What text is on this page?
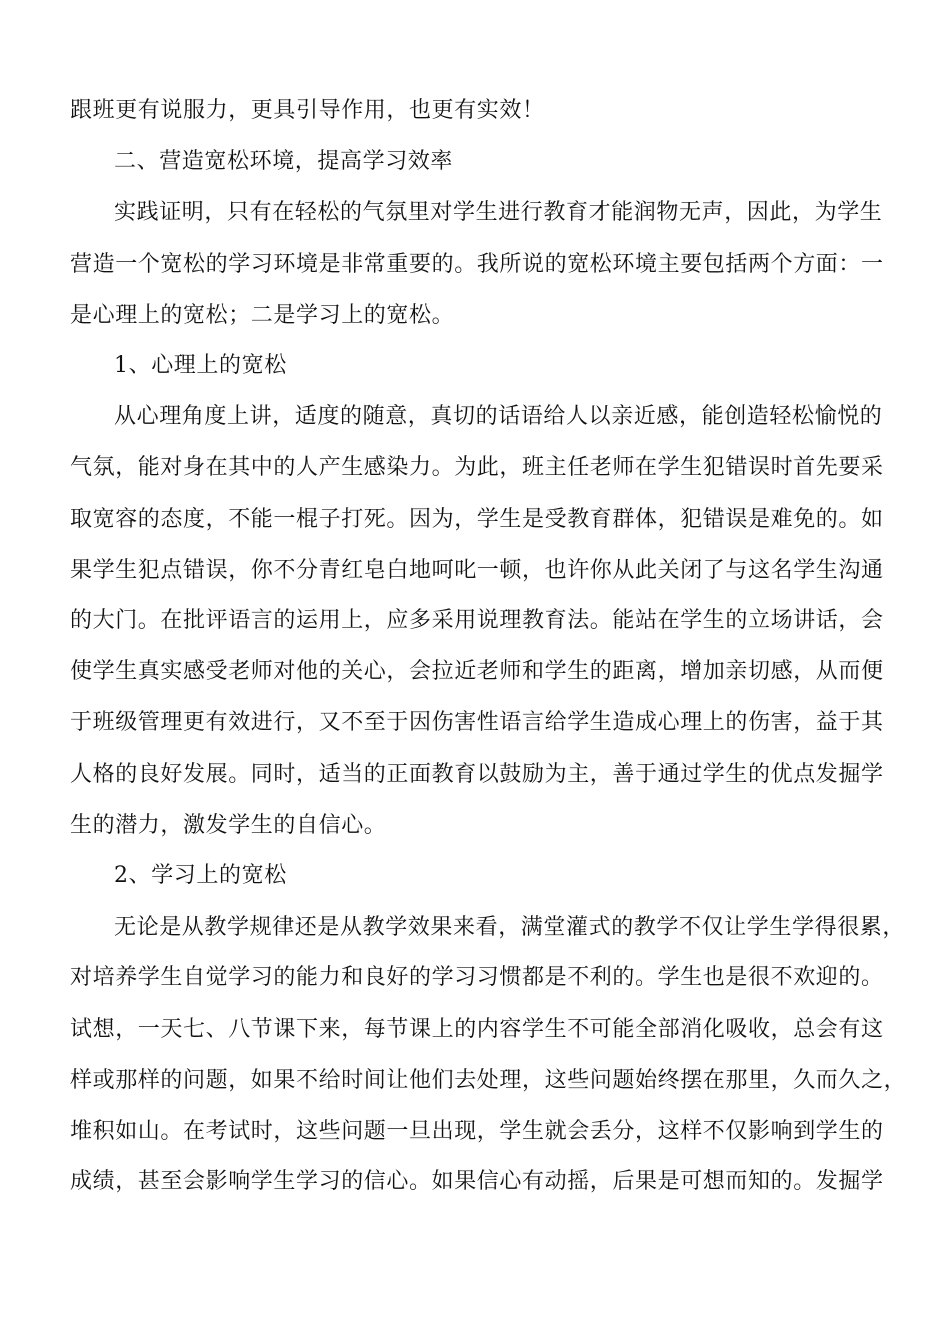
跟班更有说服力，更具引导作用，也更有实效！
二、营造宽松环境，提高学习效率
实践证明，只有在轻松的气氛里对学生进行教育才能润物无声，因此，为学生
营造一个宽松的学习环境是非常重要的。我所说的宽松环境主要包括两个方面：一
是心理上的宽松；二是学习上的宽松。
1、心理上的宽松
从心理角度上讲，适度的随意，真切的话语给人以亲近感，能创造轻松愉悦的
气氛，能对身在其中的人产生感染力。为此，班主任老师在学生犯错误时首先要采
取宽容的态度，不能一棍子打死。因为，学生是受教育群体，犯错误是难免的。如
果学生犯点错误，你不分青红皂白地呵叱一顿，也许你从此关闭了与这名学生沟通
的大门。在批评语言的运用上，应多采用说理教育法。能站在学生的立场讲话，会
使学生真实感受老师对他的关心，会拉近老师和学生的距离，增加亲切感，从而便
于班级管理更有效进行，又不至于因伤害性语言给学生造成心理上的伤害，益于其
人格的良好发展。同时，适当的正面教育以鼓励为主，善于通过学生的优点发掘学
生的潜力，激发学生的自信心。
2、学习上的宽松
无论是从教学规律还是从教学效果来看，满堂灌式的教学不仅让学生学得很累，
对培养学生自觉学习的能力和良好的学习习惯都是不利的。学生也是很不欢迎的。
试想，一天七、八节课下来，每节课上的内容学生不可能全部消化吸收，总会有这
样或那样的问题，如果不给时间让他们去处理，这些问题始终摆在那里，久而久之，
堆积如山。在考试时，这些问题一旦出现，学生就会丢分，这样不仅影响到学生的
成绩，甚至会影响学生学习的信心。如果信心有动摇，后果是可想而知的。发掘学
